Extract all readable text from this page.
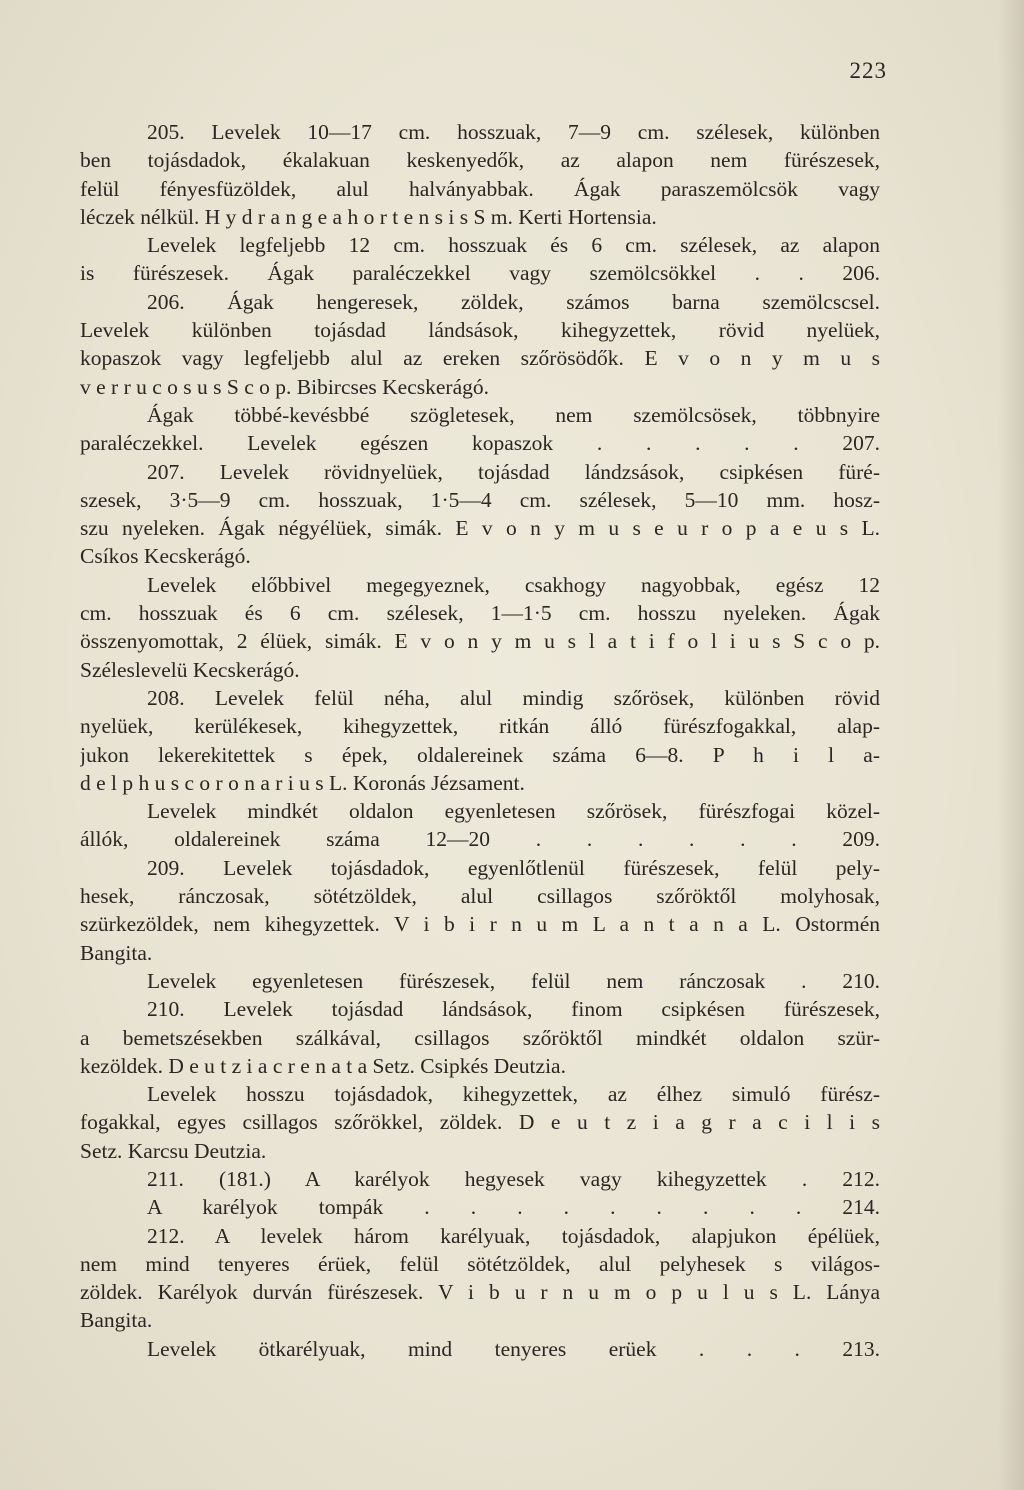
223
205. Levelek 10—17 cm. hosszuak, 7—9 cm. szélesek, különben
ben tojásdadok, ékalakuan keskenyedők, az alapon nem fürészesek,
felül fényesfüzöldek, alul halványabbak. Ágak paraszemölcsök vagy
léczek nélkül. H y d r a n g e a h o r t e n s i s S m. Kerti Hortensia.
Levelek legfeljebb 12 cm. hosszuak és 6 cm. szélesek, az alapon
is fürészesek. Ágak paraléczekkel vagy szemölcsökkel . . 206.
206. Ágak hengeresek, zöldek, számos barna szemölcscsel.
Levelek különben tojásdad lándsások, kihegyzettek, rövid nyelüek,
kopaszok vagy legfeljebb alul az ereken szőrösödők. E v o n y m u s
v e r r u c o s u s S c o p. Bibircses Kecskerágó.
Ágak többé-kevésbbé szögletesek, nem szemölcsösek, többnyire
paraléczekkel. Levelek egészen kopaszok . . . . . 207.
207. Levelek rövidnyelüek, tojásdad lándzsások, csipkésen füré-
szesek, 3·5—9 cm. hosszuak, 1·5—4 cm. szélesek, 5—10 mm. hosz-
szu nyeleken. Ágak négyélüek, simák. E v o n y m u s e u r o p a e u s L.
Csíkos Kecskerágó.
Levelek előbbivel megegyeznek, csakhogy nagyobbak, egész 12
cm. hosszuak és 6 cm. szélesek, 1—1·5 cm. hosszu nyeleken. Ágak
összenyomottak, 2 élüek, simák. E v o n y m u s l a t i f o l i u s S c o p.
Széleslevelü Kecskerágó.
208. Levelek felül néha, alul mindig szőrösek, különben rövid
nyelüek, kerülékesek, kihegyzettek, ritkán álló fürészfogakkal, alap-
jukon lekerekitettek s épek, oldalereinek száma 6—8. P h i l a-
d e l p h u s c o r o n a r i u s L. Koronás Jézsament.
Levelek mindkét oldalon egyenletesen szőrösek, fürészfogai közel-
állók, oldalereinek száma 12—20 . . . . . . 209.
209. Levelek tojásdadok, egyenlőtlenül fürészesek, felül pely-
hesek, ránczosak, sötétzöldek, alul csillagos szőröktől molyhosak,
szürkezöldek, nem kihegyzettek. V i b i r n u m L a n t a n a L. Ostormén
Bangita.
Levelek egyenletesen fürészesek, felül nem ránczosak . 210.
210. Levelek tojásdad lándsások, finom csipkésen fürészesek,
a bemetszésekben szálkával, csillagos szőröktől mindkét oldalon szür-
kezöldek. D e u t z i a c r e n a t a Setz. Csipkés Deutzia.
Levelek hosszu tojásdadok, kihegyzettek, az élhez simuló fürész-
fogakkal, egyes csillagos szőrökkel, zöldek. D e u t z i a g r a c i l i s
Setz. Karcsu Deutzia.
211. (181.) A karélyok hegyesek vagy kihegyzettek . 212.
A karélyok tompák . . . . . . . . . 214.
212. A levelek három karélyuak, tojásdadok, alapjukon épélüek,
nem mind tenyeres érüek, felül sötétzöldek, alul pelyhesek s világos-
zöldek. Karélyok durván fürészesek. V i b u r n u m o p u l u s L. Lánya
Bangita.
Levelek ötkarélyuak, mind tenyeres erüek . . . 213.
